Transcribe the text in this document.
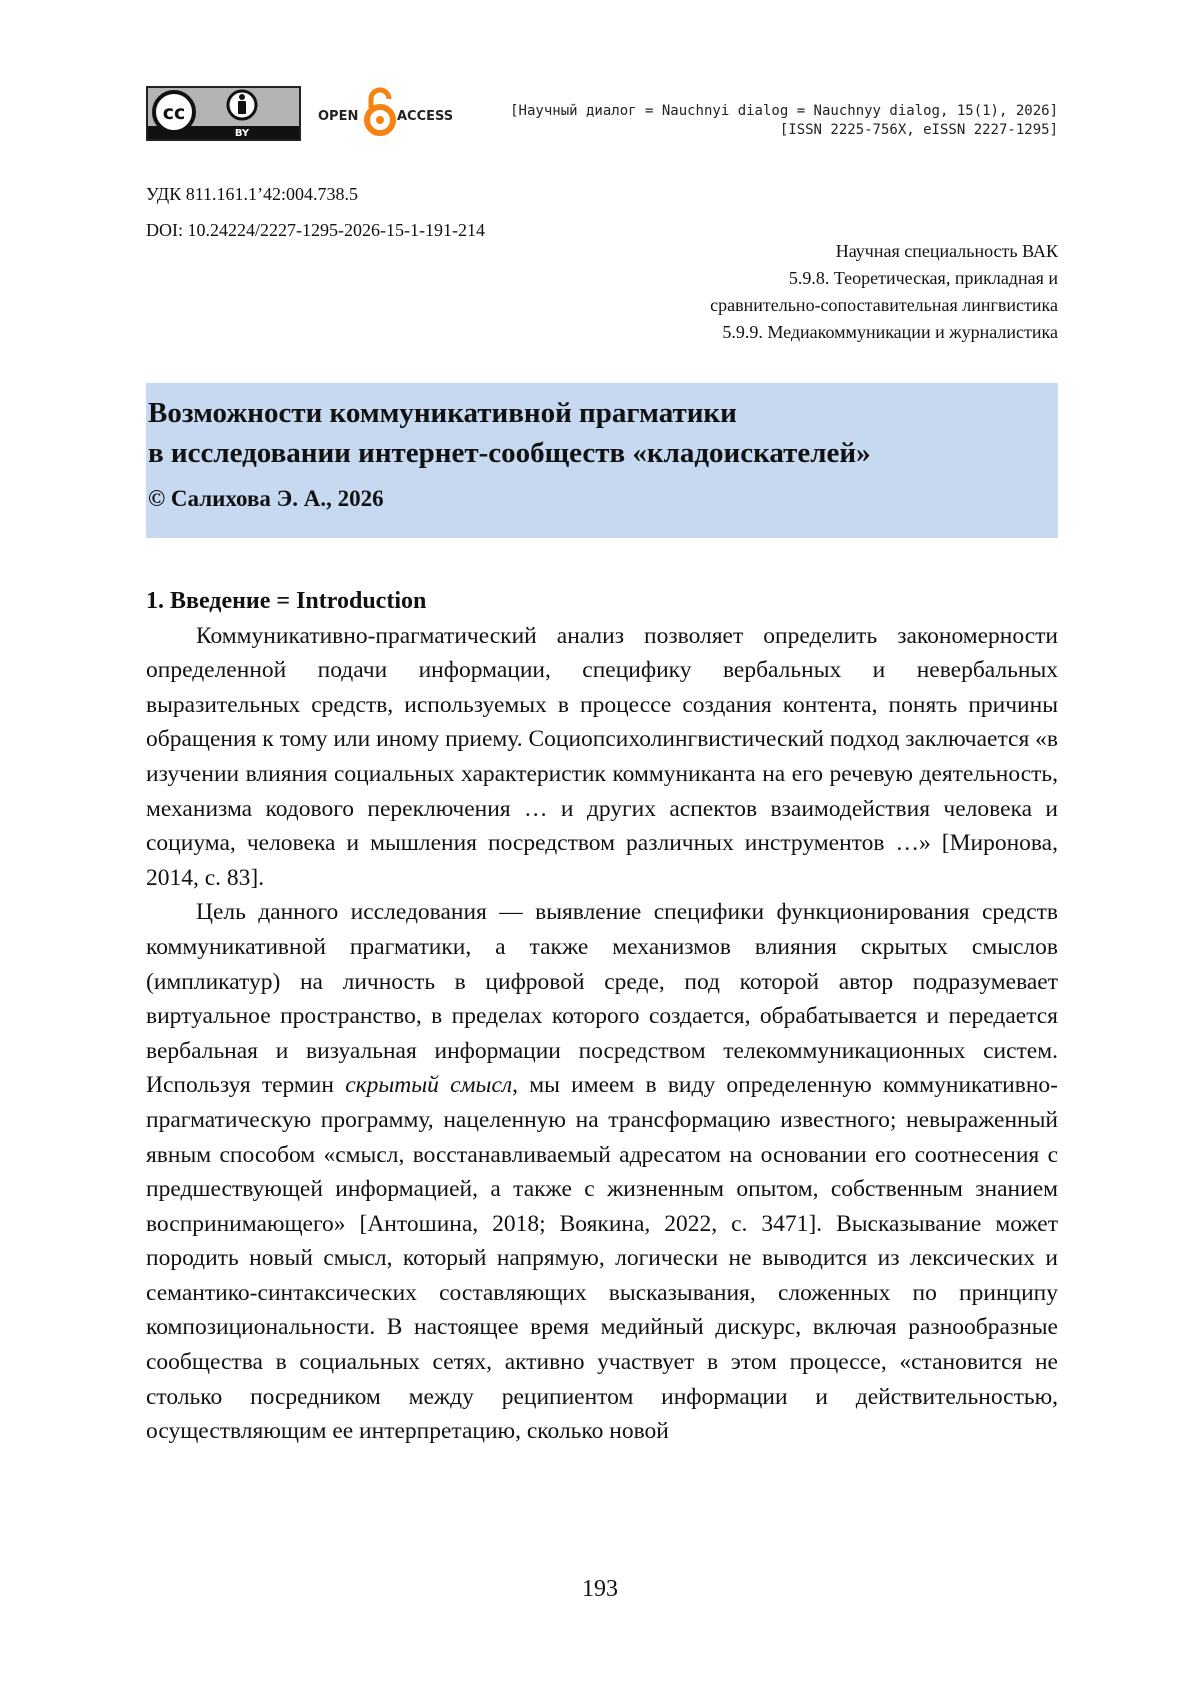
cc
BY
OPEN	ACCESS	[Научный диалог = Nauchnyi dialog = Nauchnyy dialog, 15(1), 2026]
[ISSN 2225-756X, eISSN 2227-1295]
УДК 811.161.1’42:004.738.5
DOI: 10.24224/2227-1295-2026-15-1-191-214
Научная специальность ВАК
5.9.8. Теоретическая, прикладная и
сравнительно-сопоставительная лингвистика
5.9.9. Медиакоммуникации и журналистика
Возможности коммуникативной прагматики
в исследовании интернет-сообществ «кладоискателей»
© Салихова Э. А., 2026
1. Введение = Introduction

Коммуникативно-прагматический анализ позволяет определить закономерности определенной подачи информации, специфику вербальных и невербальных выразительных средств, используемых в процессе создания контента, понять причины обращения к тому или иному приему. Социопсихолингвистический подход заключается «в изучении влияния социальных характеристик коммуниканта на его речевую деятельность, механизма кодового переключения … и других аспектов взаимодействия человека и социума, человека и мышления посредством различных инструментов …» [Миронова, 2014, с. 83].

Цель данного исследования — выявление специфики функционирования средств коммуникативной прагматики, а также механизмов влияния скрытых смыслов (импликатур) на личность в цифровой среде, под которой автор подразумевает виртуальное пространство, в пределах которого создается, обрабатывается и передается вербальная и визуальная информации посредством телекоммуникационных систем. Используя термин скрытый смысл, мы имеем в виду определенную коммуникативно-прагматическую программу, нацеленную на трансформацию известного; невыраженный явным способом «смысл, восстанавливаемый адресатом на основании его соотнесения с предшествующей информацией, а также с жизненным опытом, собственным знанием воспринимающего» [Антошина, 2018; Воякина, 2022, с. 3471]. Высказывание может породить новый смысл, который напрямую, логически не выводится из лексических и семантико-синтаксических составляющих высказывания, сложенных по принципу композициональности. В настоящее время медийный дискурс, включая разнообразные сообщества в социальных сетях, активно участвует в этом процессе, «становится не столько посредником между реципиентом информации и действительностью, осуществляющим ее интерпретацию, сколько новой

193
